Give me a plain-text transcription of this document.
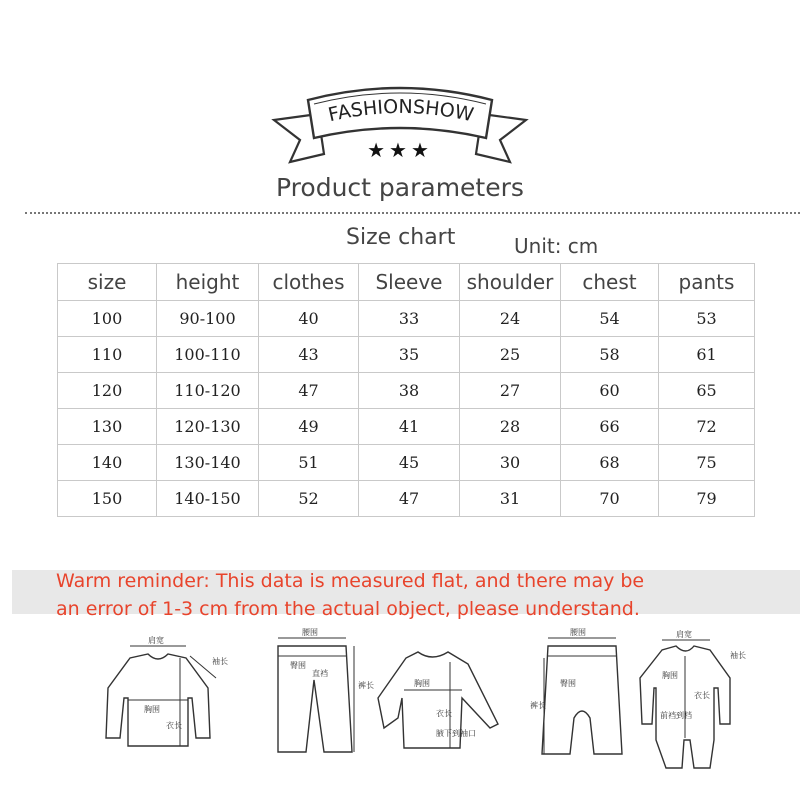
FASHIONSHOW
★★★
Product parameters
Size chart	Unit: cm
size	height	clothes	Sleeve	shoulder	chest	pants
100	90-100	40	33	24	54	53
110	100-110	43	35	25	58	61
120	110-120	47	38	27	60	65
130	120-130	49	41	28	66	72
140	130-140	51	45	30	68	75
150	140-150	52	47	31	70	79
Warm reminder: This data is measured flat, and there may be
an error of 1-3 cm from the actual object, please understand.
肩宽
袖长
胸围
衣长
腰围
臀围
直裆
裤长	胸围
衣长
腋下到袖口
腰围
臀围
裤长
肩宽
袖长
胸围
衣长
前裆到档
